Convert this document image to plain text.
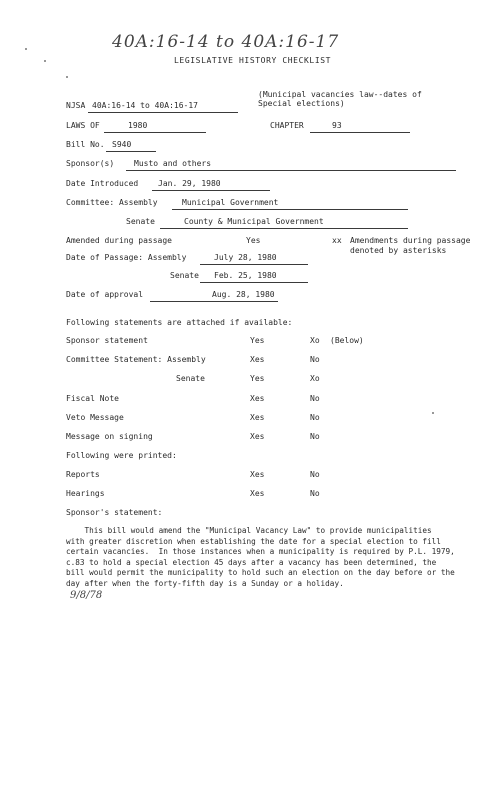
40A:16-14 to 40A:16-17
LEGISLATIVE HISTORY CHECKLIST
(Municipal vacancies law--dates of
Special elections)
NJSA 40A:16-14 to 40A:16-17
LAWS OF	1980	CHAPTER	93
Bill No. S940
Sponsor(s) Musto and others
Date Introduced Jan. 29, 1980
Committee: Assembly	Municipal Government
Senate	County & Municipal Government
Amended during passage	Yes	xx Amendments during passage
denoted by asterisks
Date of Passage: Assembly	July 28, 1980
Senate Feb. 25, 1980
Date of approval	Aug. 28, 1980
Following statements are attached if available:
Sponsor statement	Yes	Xo (Below)
Committee Statement: Assembly	Xes	No
Senate	Yes	Xo
Fiscal Note	Xes	No
Veto Message	Xes	No
Message on signing	Xes	No
Following were printed:
Reports	Xes	No
Hearings	Xes	No
Sponsor's statement:
This bill would amend the "Municipal Vacancy Law" to provide municipalities
with greater discretion when establishing the date for a special election to fill
certain vacancies.  In those instances when a municipality is required by P.L. 1979,
c.83 to hold a special election 45 days after a vacancy has been determined, the
bill would permit the municipality to hold such an election on the day before or the
day after when the forty-fifth day is a Sunday or a holiday.
9/8/78
